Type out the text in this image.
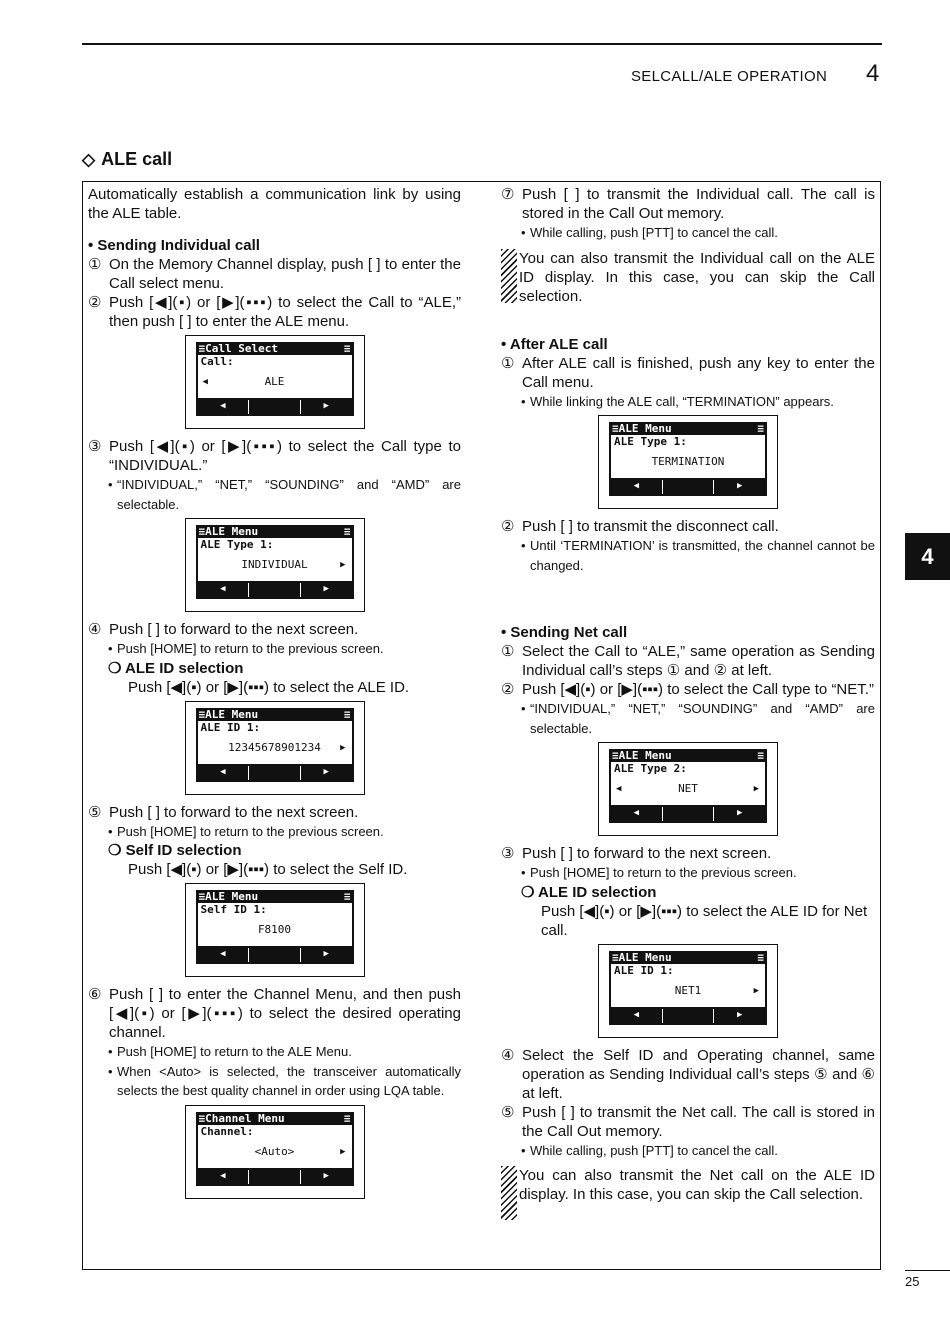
SELCALL/ALE OPERATION 4
◇ ALE call
4
25

Automatically establish a communication link by using the ALE table.

• Sending Individual call

① On the Memory Channel display, push [ ] to enter the Call select menu.
② Push [◀](▪) or [▶](▪▪▪) to select the Call to “ALE,” then push [ ] to enter the ALE menu.
≡Call Select	≡
Call:
◀	ALE
◀	▶
③ Push [◀](▪) or [▶](▪▪▪) to select the Call type to “INDIVIDUAL.”
• “INDIVIDUAL,” “NET,” “SOUNDING” and “AMD” are selectable.
≡ALE Menu	≡
ALE Type 1:
INDIVIDUAL	▶
◀	▶
④ Push [ ] to forward to the next screen.
• Push [HOME] to return to the previous screen.
❍ ALE ID selection
Push [◀](▪) or [▶](▪▪▪) to select the ALE ID.
≡ALE Menu	≡
ALE ID 1:
12345678901234 ▶
◀	▶
⑤ Push [ ] to forward to the next screen.
• Push [HOME] to return to the previous screen.
❍ Self ID selection
Push [◀](▪) or [▶](▪▪▪) to select the Self ID.
≡ALE Menu	≡
Self ID 1:
F8100
◀	▶
⑥ Push [ ] to enter the Channel Menu, and then push [◀](▪) or [▶](▪▪▪) to select the desired operating channel.
• Push [HOME] to return to the ALE Menu.
• When <Auto> is selected, the transceiver automatically selects the best quality channel in order using LQA table.
≡Channel Menu	≡
Channel:
<Auto>	▶
◀	▶
⑦ Push [ ] to transmit the Individual call. The call is stored in the Call Out memory.
• While calling, push [PTT] to cancel the call.
You can also transmit the Individual call on the ALE ID display. In this case, you can skip the Call selection.

• After ALE call

① After ALE call is finished, push any key to enter the Call menu.
• While linking the ALE call, “TERMINATION” appears.
≡ALE Menu	≡
ALE Type 1:
TERMINATION
◀	▶
② Push [ ] to transmit the disconnect call.
• Until ‘TERMINATION’ is transmitted, the channel cannot be changed.

• Sending Net call

① Select the Call to “ALE,” same operation as Sending Individual call’s steps ① and ② at left.
② Push [◀](▪) or [▶](▪▪▪) to select the Call type to “NET.”
• “INDIVIDUAL,” “NET,” “SOUNDING” and “AMD” are selectable.
≡ALE Menu	≡
ALE Type 2:
◀	NET	▶
◀	▶
③ Push [ ] to forward to the next screen.
• Push [HOME] to return to the previous screen.
❍ ALE ID selection
Push [◀](▪) or [▶](▪▪▪) to select the ALE ID for Net call.
≡ALE Menu	≡
ALE ID 1:
NET1	▶
◀	▶
④ Select the Self ID and Operating channel, same operation as Sending Individual call’s steps ⑤ and ⑥ at left.
⑤ Push [ ] to transmit the Net call. The call is stored in the Call Out memory.
• While calling, push [PTT] to cancel the call.
You can also transmit the Net call on the ALE ID display. In this case, you can skip the Call selection.
